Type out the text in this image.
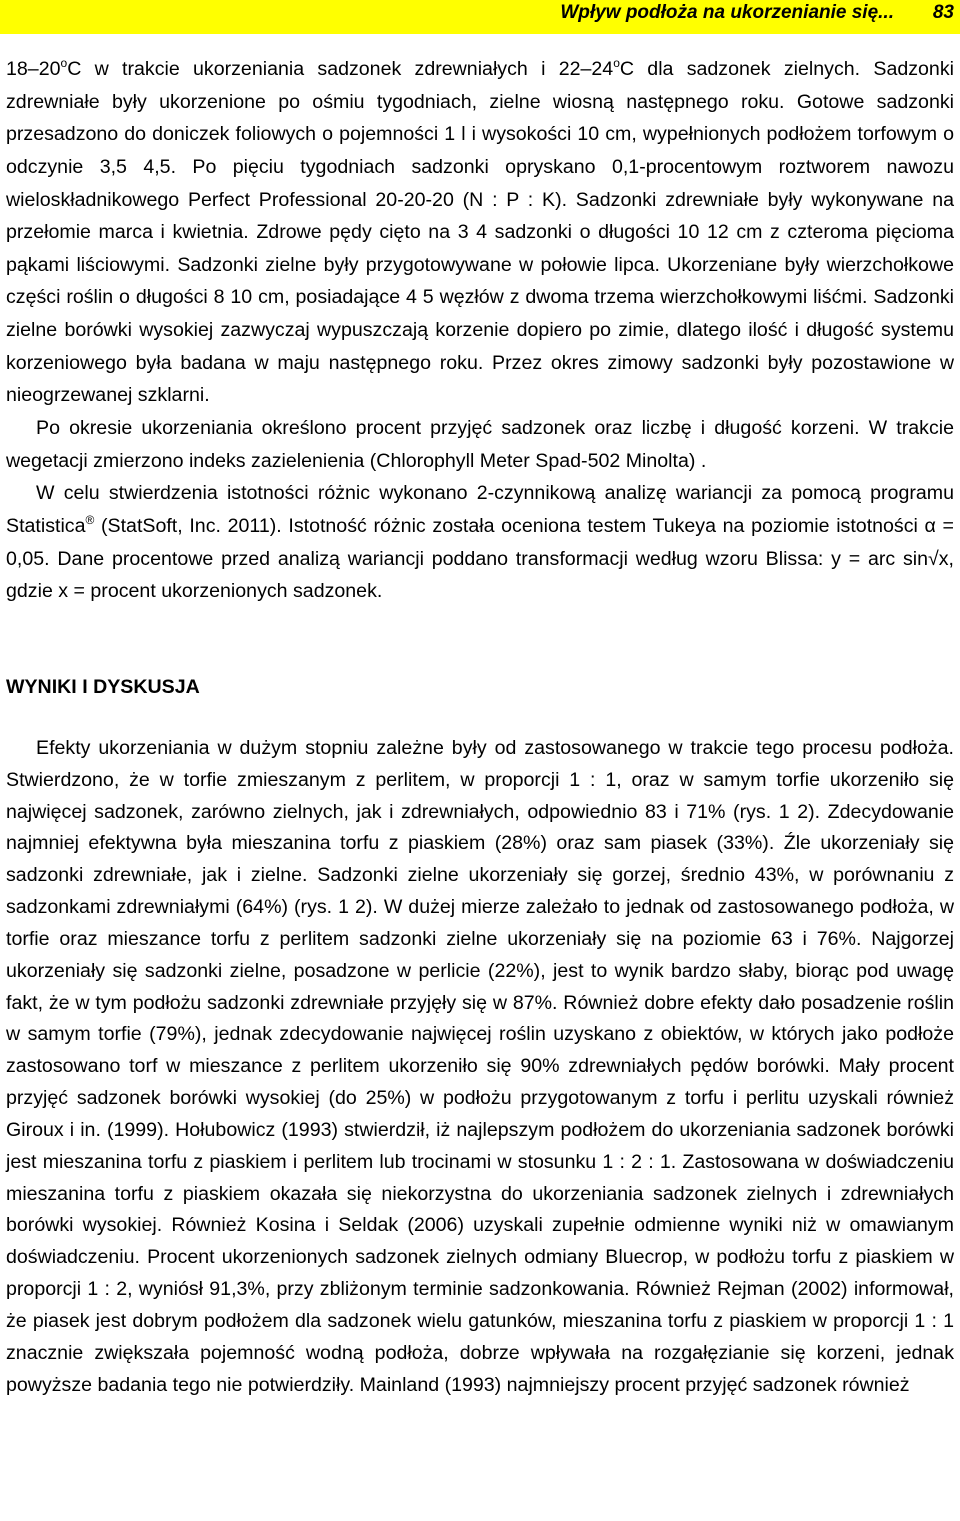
Wpływ podłoża na ukorzenianie się... 83

18–20$^o$C w trakcie ukorzeniania sadzonek zdrewniałych i 22–24$^o$C dla sadzonek zielnych. Sadzonki zdrewniałe były ukorzenione po ośmiu tygodniach, zielne wiosną następnego roku. Gotowe sadzonki przesadzono do doniczek foliowych o pojemności 1 l i wysokości 10 cm, wypełnionych podłożem torfowym o odczynie 3,5 4,5. Po pięciu tygodniach sadzonki opryskano 0,1-procentowym roztworem nawozu wieloskładnikowego Perfect Professional 20-20-20 (N : P : K). Sadzonki zdrewniałe były wykonywane na przełomie marca i kwietnia. Zdrowe pędy cięto na 3 4 sadzonki o długości 10 12 cm z czteroma pięcioma pąkami liściowymi. Sadzonki zielne były przygotowywane w połowie lipca. Ukorzeniane były wierzchołkowe części roślin o długości 8 10 cm, posiadające 4 5 węzłów z dwoma trzema wierzchołkowymi liśćmi. Sadzonki zielne borówki wysokiej zazwyczaj wypuszczają korzenie dopiero po zimie, dlatego ilość i długość systemu korzeniowego była badana w maju następnego roku. Przez okres zimowy sadzonki były pozostawione w nieogrzewanej szklarni.

Po okresie ukorzeniania określono procent przyjęć sadzonek oraz liczbę i długość korzeni. W trakcie wegetacji zmierzono indeks zazielenienia (Chlorophyll Meter Spad-502 Minolta) .

W celu stwierdzenia istotności różnic wykonano 2-czynnikową analizę wariancji za pomocą programu Statistica® (StatSoft, Inc. 2011). Istotność różnic została oceniona testem Tukeya na poziomie istotności α = 0,05. Dane procentowe przed analizą wariancji poddano transformacji według wzoru Blissa: y = arc sin√x, gdzie x = procent ukorzenionych sadzonek.

WYNIKI I DYSKUSJA

Efekty ukorzeniania w dużym stopniu zależne były od zastosowanego w trakcie tego procesu podłoża. Stwierdzono, że w torfie zmieszanym z perlitem, w proporcji 1 : 1, oraz w samym torfie ukorzeniło się najwięcej sadzonek, zarówno zielnych, jak i zdrewniałych, odpowiednio 83 i 71% (rys. 1 2). Zdecydowanie najmniej efektywna była mieszanina torfu z piaskiem (28%) oraz sam piasek (33%). Źle ukorzeniały się sadzonki zdrewniałe, jak i zielne. Sadzonki zielne ukorzeniały się gorzej, średnio 43%, w porównaniu z sadzonkami zdrewniałymi (64%) (rys. 1 2). W dużej mierze zależało to jednak od zastosowanego podłoża, w torfie oraz mieszance torfu z perlitem sadzonki zielne ukorzeniały się na poziomie 63 i 76%. Najgorzej ukorzeniały się sadzonki zielne, posadzone w perlicie (22%), jest to wynik bardzo słaby, biorąc pod uwagę fakt, że w tym podłożu sadzonki zdrewniałe przyjęły się w 87%. Również dobre efekty dało posadzenie roślin w samym torfie (79%), jednak zdecydowanie najwięcej roślin uzyskano z obiektów, w których jako podłoże zastosowano torf w mieszance z perlitem ukorzeniło się 90% zdrewniałych pędów borówki. Mały procent przyjęć sadzonek borówki wysokiej (do 25%) w podłożu przygotowanym z torfu i perlitu uzyskali również Giroux i in. (1999). Hołubowicz (1993) stwierdził, iż najlepszym podłożem do ukorzeniania sadzonek borówki jest mieszanina torfu z piaskiem i perlitem lub trocinami w stosunku 1 : 2 : 1. Zastosowana w doświadczeniu mieszanina torfu z piaskiem okazała się niekorzystna do ukorzeniania sadzonek zielnych i zdrewniałych borówki wysokiej. Również Kosina i Seldak (2006) uzyskali zupełnie odmienne wyniki niż w omawianym doświadczeniu. Procent ukorzenionych sadzonek zielnych odmiany Bluecrop, w podłożu torfu z piaskiem w proporcji 1 : 2, wyniósł 91,3%, przy zbliżonym terminie sadzonkowania. Również Rejman (2002) informował, że piasek jest dobrym podłożem dla sadzonek wielu gatunków, mieszanina torfu z piaskiem w proporcji 1 : 1 znacznie zwiększała pojemność wodną podłoża, dobrze wpływała na rozgałęzianie się korzeni, jednak powyższe badania tego nie potwierdziły. Mainland (1993) najmniejszy procent przyjęć sadzonek również
